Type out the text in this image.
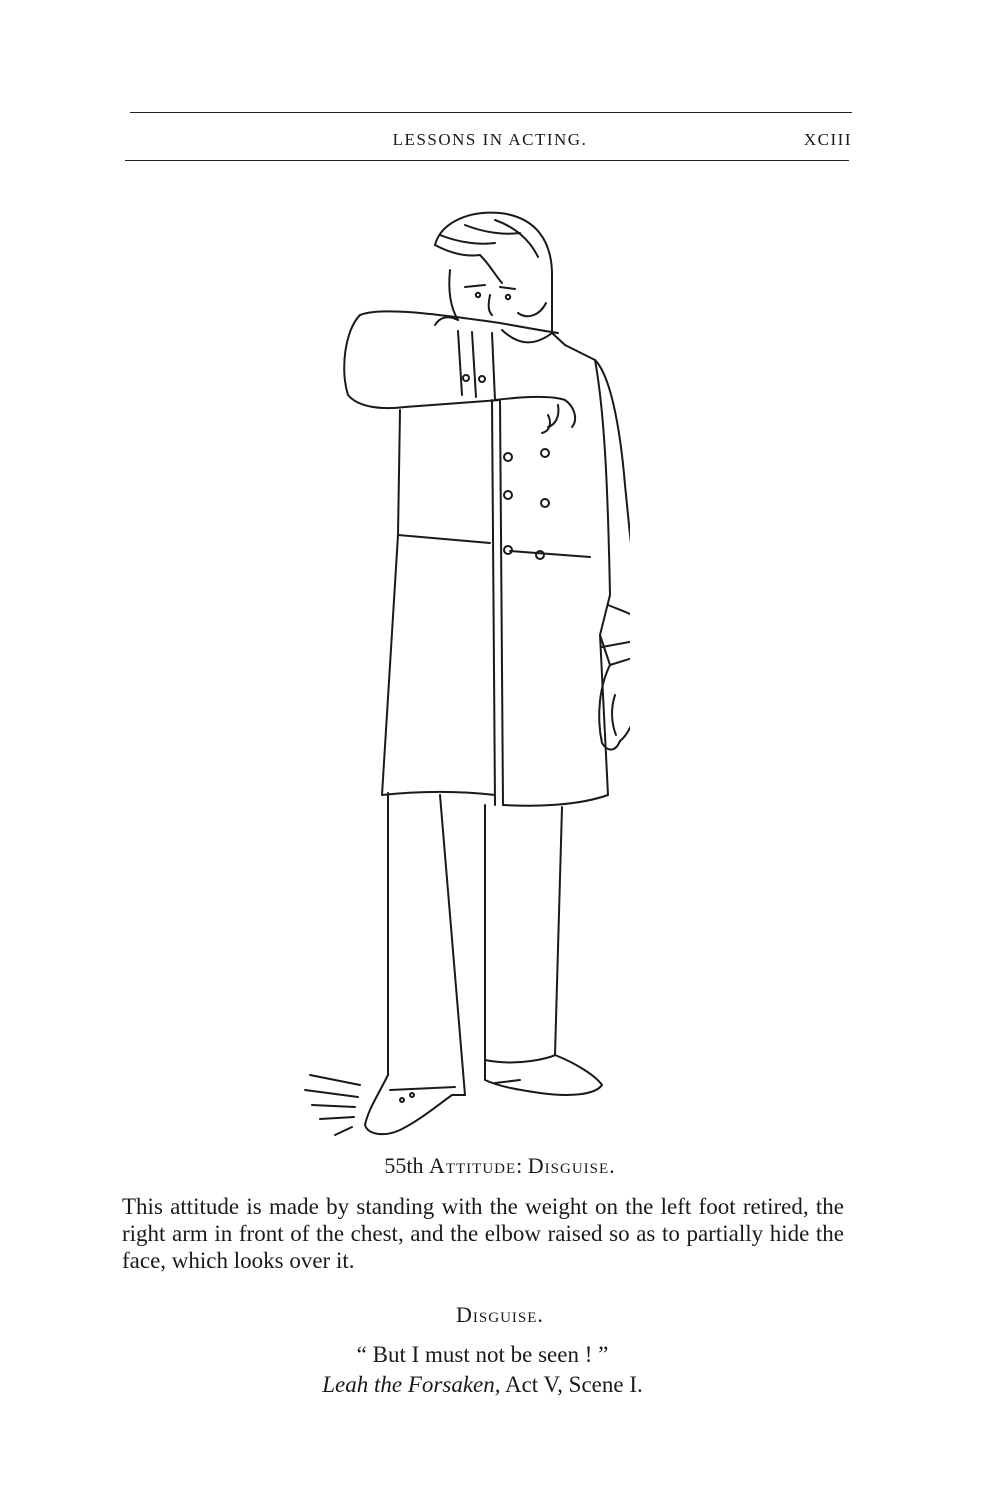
LESSONS IN ACTING.	XCIII
55th Attitude: Disguise.
This attitude is made by standing with the weight on the left foot retired, the right arm in front of the chest, and the elbow raised so as to partially hide the face, which looks over it.
Disguise.
“ But I must not be seen ! ”
Leah the Forsaken, Act V, Scene I.
